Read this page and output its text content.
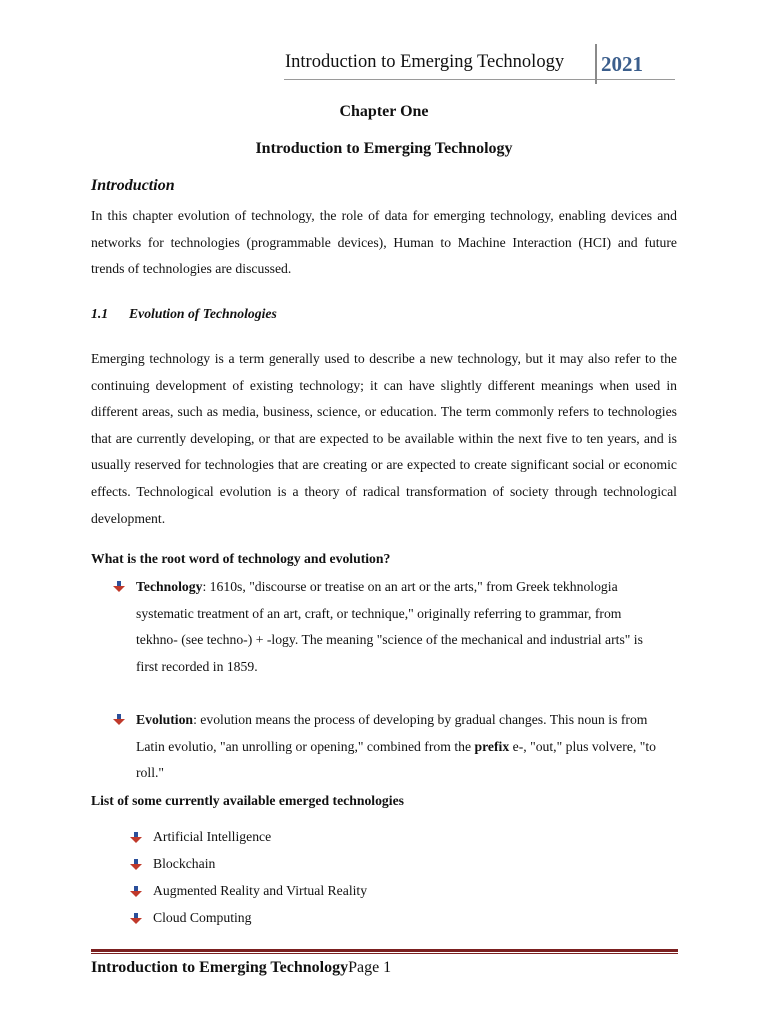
Introduction to Emerging Technology 2021
Chapter One
Introduction to Emerging Technology
Introduction

In this chapter evolution of technology, the role of data for emerging technology, enabling devices and networks for technologies (programmable devices), Human to Machine Interaction (HCI) and future trends of technologies are discussed.

1.1 Evolution of Technologies

Emerging technology is a term generally used to describe a new technology, but it may also refer to the continuing development of existing technology; it can have slightly different meanings when used in different areas, such as media, business, science, or education. The term commonly refers to technologies that are currently developing, or that are expected to be available within the next five to ten years, and is usually reserved for technologies that are creating or are expected to create significant social or economic effects. Technological evolution is a theory of radical transformation of society through technological development.

What is the root word of technology and evolution?

Technology: 1610s, "discourse or treatise on an art or the arts," from Greek tekhnologia systematic treatment of an art, craft, or technique," originally referring to grammar, from tekhno- (see techno-) + -logy. The meaning "science of the mechanical and industrial arts" is first recorded in 1859.

Evolution: evolution means the process of developing by gradual changes. This noun is from Latin evolutio, "an unrolling or opening," combined from the prefix e-, "out," plus volvere, "to roll."

List of some currently available emerged technologies
Artificial Intelligence
Blockchain
Augmented Reality and Virtual Reality
Cloud Computing
Introduction to Emerging TechnologyPage 1
